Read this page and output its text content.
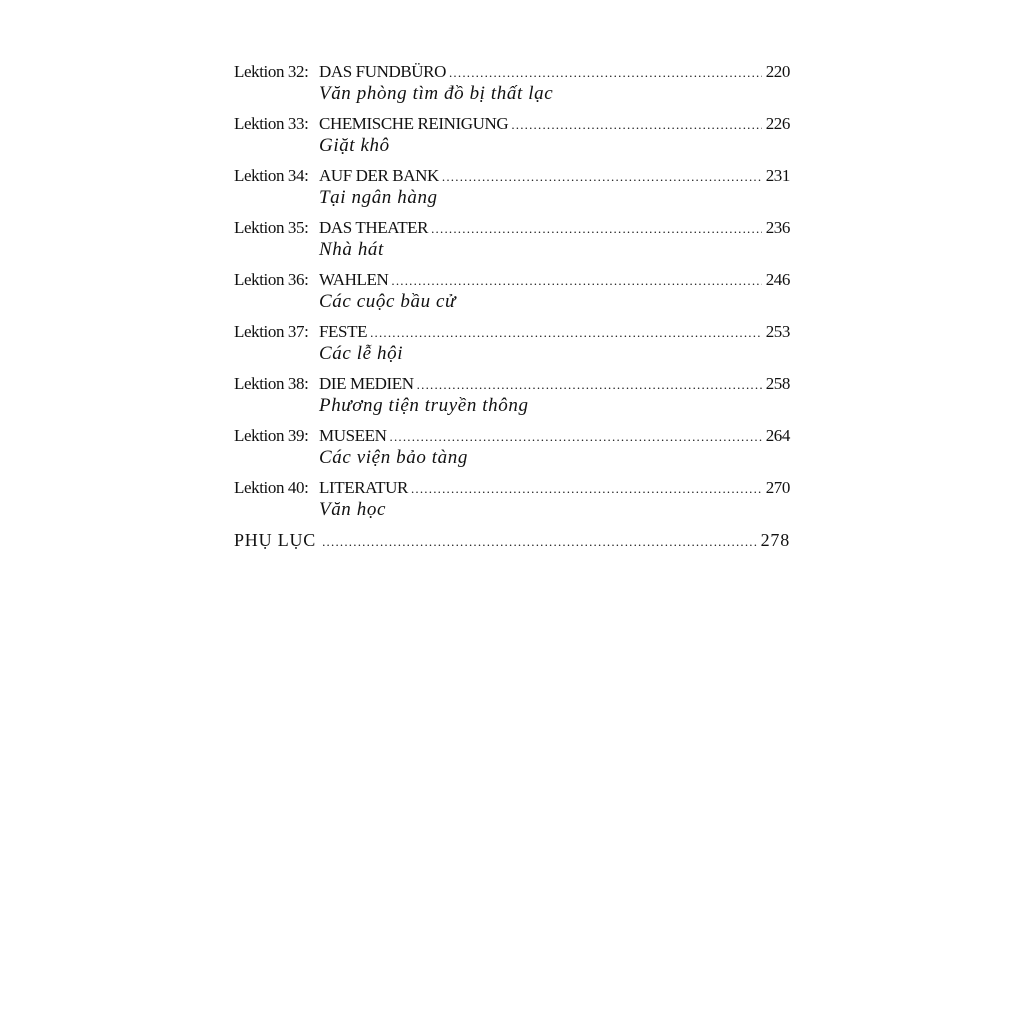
Lektion 32: DAS FUNDBÜRO .....	220
Văn phòng tìm đồ bị thất lạc
Lektion 33: CHEMISCHE REINIGUNG .....	226
Giặt khô
Lektion 34: AUF DER BANK .....	231
Tại ngân hàng
Lektion 35: DAS THEATER .....	236
Nhà hát
Lektion 36: WAHLEN .....	246
Các cuộc bầu cử
Lektion 37: FESTE .....	253
Các lễ hội
Lektion 38: DIE MEDIEN .....	258
Phương tiện truyền thông
Lektion 39: MUSEEN .....	264
Các viện bảo tàng
Lektion 40: LITERATUR .....	270
Văn học
PHỤ LỤC .....	278
